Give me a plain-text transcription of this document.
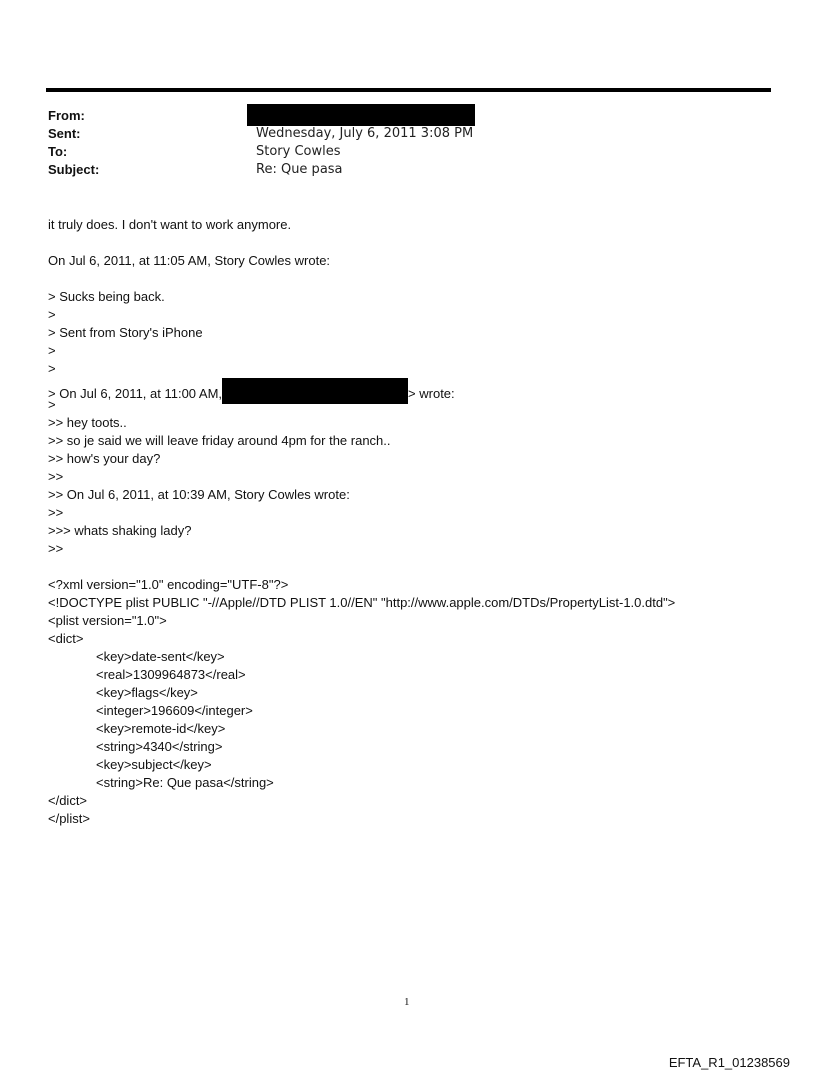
From:
Sent:	Wednesday, July 6, 2011 3:08 PM
To:	Story Cowles
Subject:	Re: Que pasa
it truly does. I don't want to work anymore.
On Jul 6, 2011, at 11:05 AM, Story Cowles wrote:
> Sucks being back.
>
> Sent from Story's iPhone
>
>
> On Jul 6, 2011, at 11:00 AM,	> wrote:
>
>> hey toots..
>> so je said we will leave friday around 4pm for the ranch..
>> how's your day?
>>
>> On Jul 6, 2011, at 10:39 AM, Story Cowles wrote:
>>
>>> whats shaking lady?
>>
<?xml version="1.0" encoding="UTF-8"?>
<!DOCTYPE plist PUBLIC "-//Apple//DTD PLIST 1.0//EN" "http://www.apple.com/DTDs/PropertyList-1.0.dtd">
<plist version="1.0">
<dict>
<key>date-sent</key>
<real>1309964873</real>
<key>flags</key>
<integer>196609</integer>
<key>remote-id</key>
<string>4340</string>
<key>subject</key>
<string>Re: Que pasa</string>
</dict>
</plist>
1
EFTA_R1_01238569
